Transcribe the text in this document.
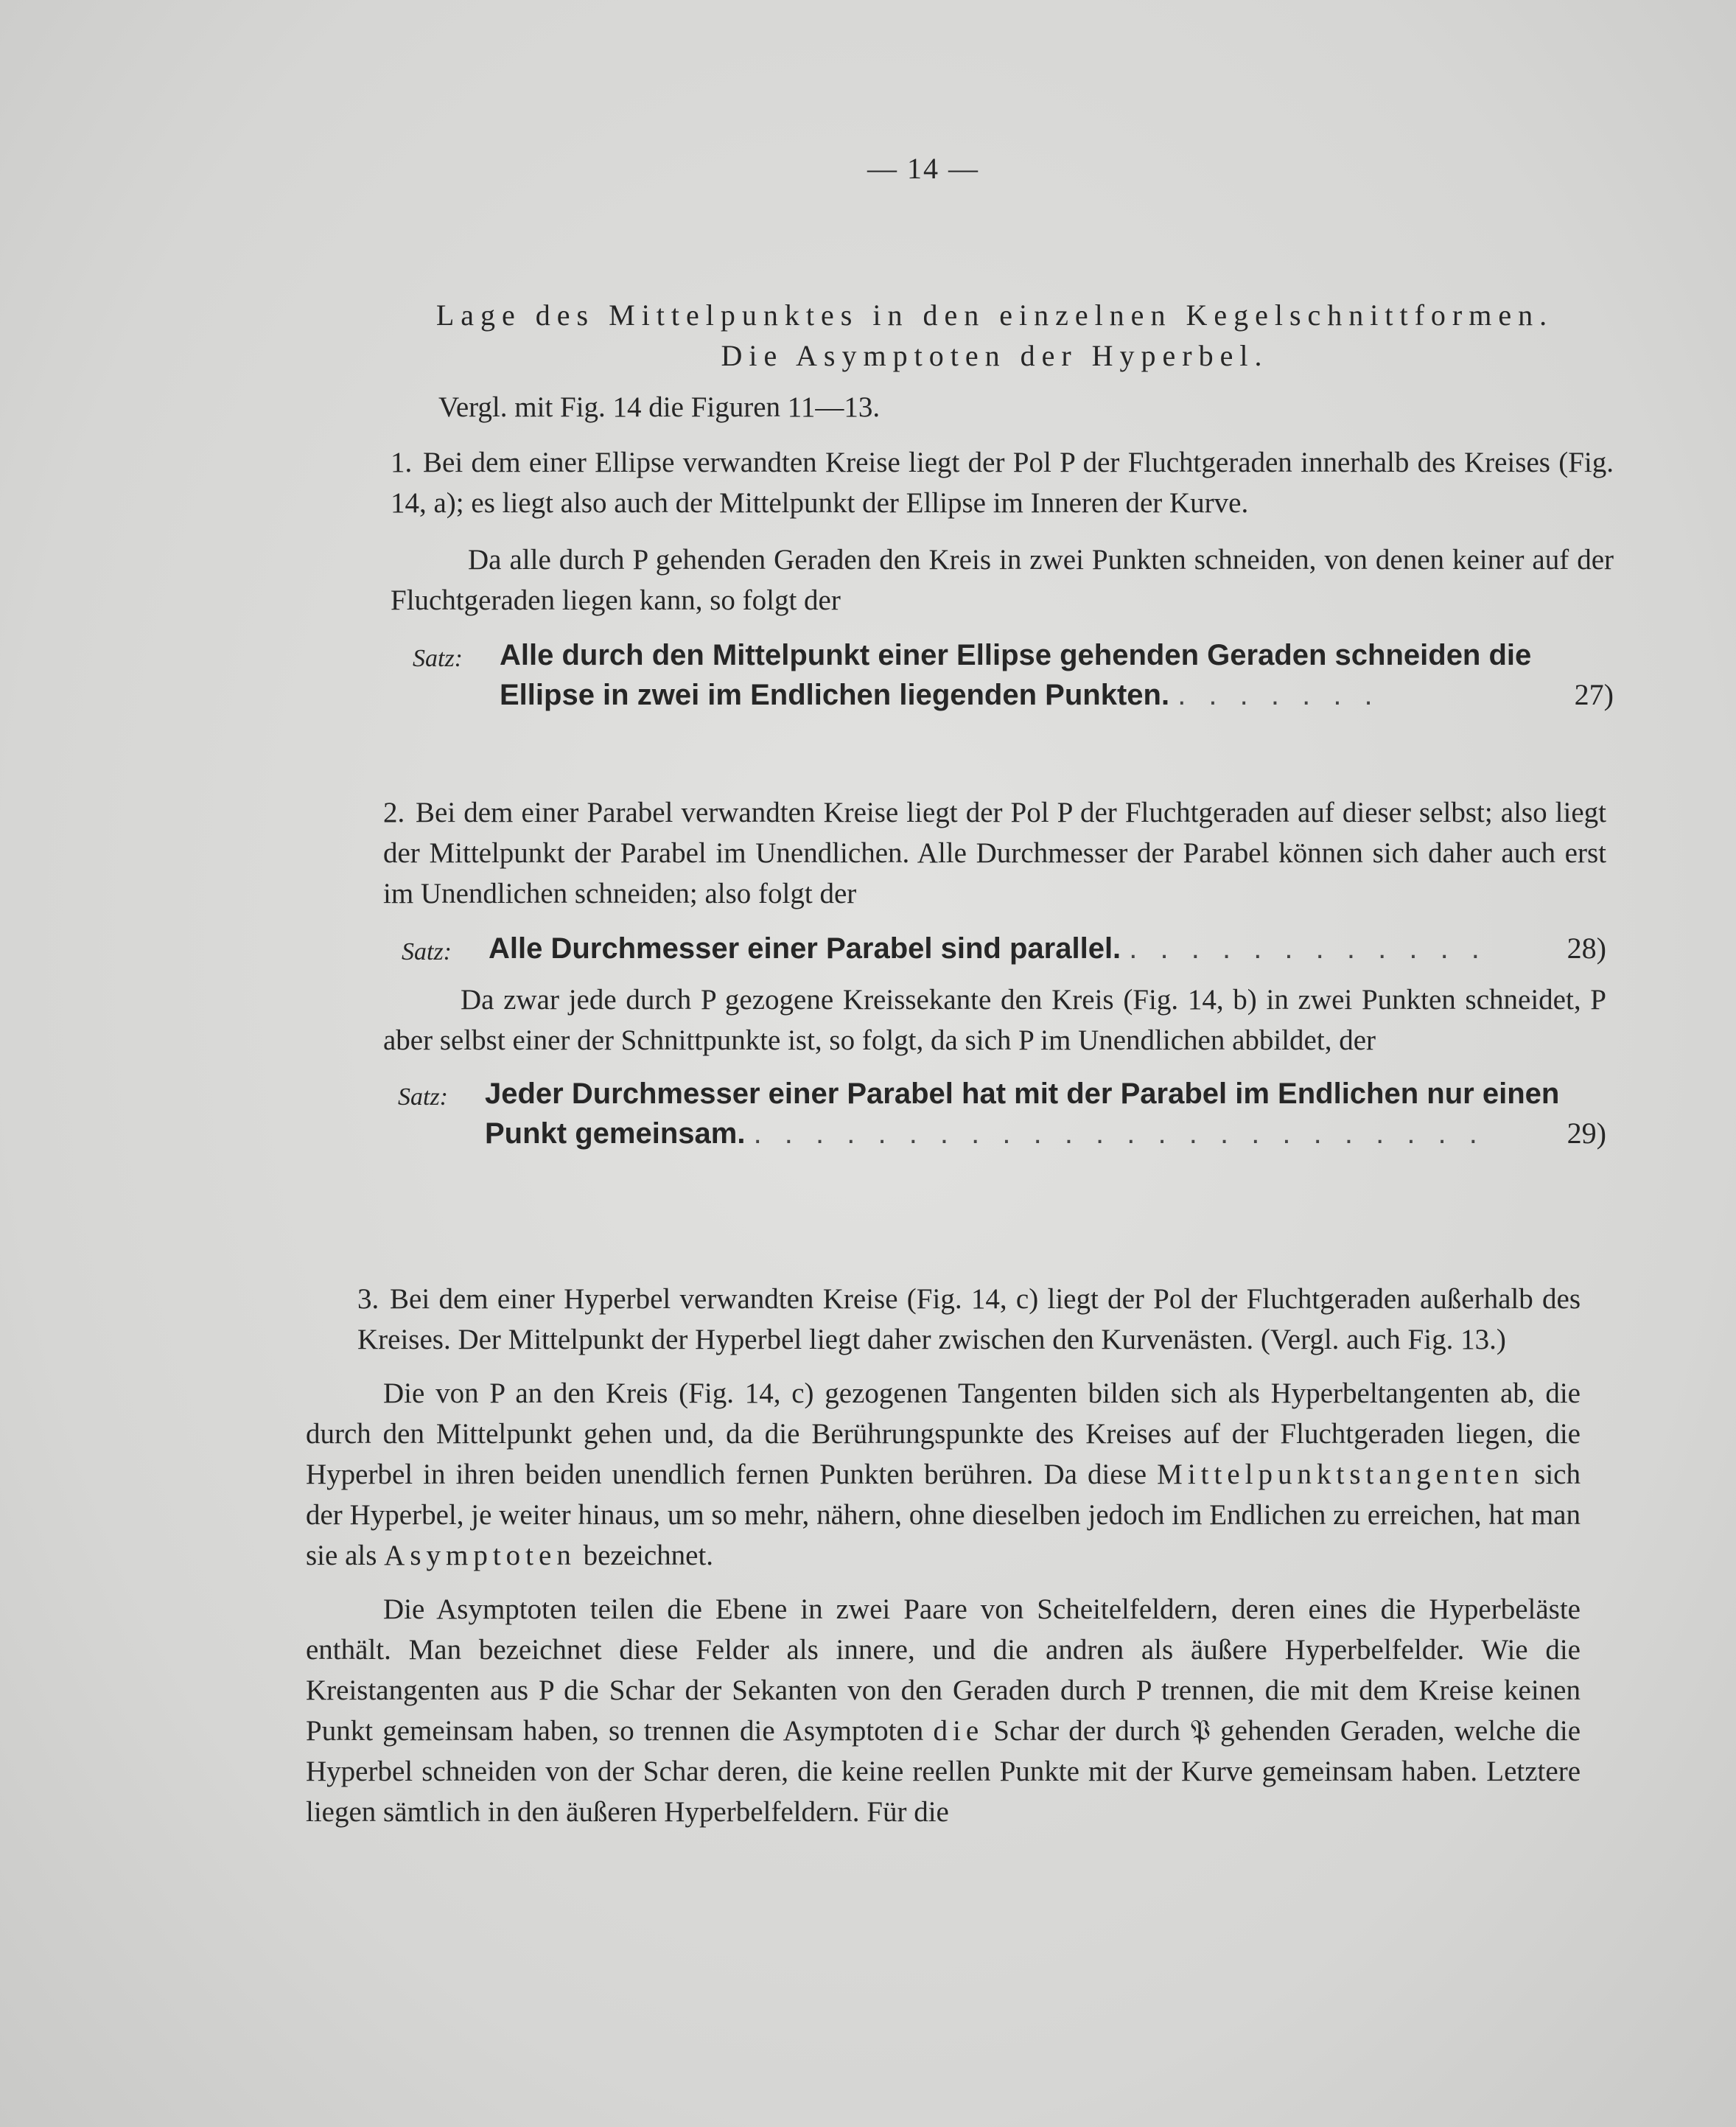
— 14 —
Lage des Mittelpunktes in den einzelnen Kegelschnittformen.
Die Asymptoten der Hyperbel.
Vergl. mit Fig. 14 die Figuren 11—13.

1. Bei dem einer Ellipse verwandten Kreise liegt der Pol P der Fluchtgeraden innerhalb des Kreises (Fig. 14, a); es liegt also auch der Mittelpunkt der Ellipse im Inneren der Kurve.

Da alle durch P gehenden Geraden den Kreis in zwei Punkten schneiden, von denen keiner auf der Fluchtgeraden liegen kann, so folgt der

Satz:	Alle durch den Mittelpunkt einer Ellipse gehenden Geraden schneiden die Ellipse in zwei im Endlichen liegenden Punkten. . . . . . . .	27)

2. Bei dem einer Parabel verwandten Kreise liegt der Pol P der Fluchtgeraden auf dieser selbst; also liegt der Mittelpunkt der Parabel im Unendlichen. Alle Durchmesser der Parabel können sich daher auch erst im Unendlichen schneiden; also folgt der

Satz:	Alle Durchmesser einer Parabel sind parallel. . . . . . . . . . . . .	28)

Da zwar jede durch P gezogene Kreissekante den Kreis (Fig. 14, b) in zwei Punkten schneidet, P aber selbst einer der Schnittpunkte ist, so folgt, da sich P im Unendlichen abbildet, der

Satz:	Jeder Durchmesser einer Parabel hat mit der Parabel im Endlichen nur einen Punkt gemeinsam. . . . . . . . . . . . . . . . . . . . . . . . .	29)

3. Bei dem einer Hyperbel verwandten Kreise (Fig. 14, c) liegt der Pol der Fluchtgeraden außerhalb des Kreises. Der Mittelpunkt der Hyperbel liegt daher zwischen den Kurvenästen. (Vergl. auch Fig. 13.)

Die von P an den Kreis (Fig. 14, c) gezogenen Tangenten bilden sich als Hyperbeltangenten ab, die durch den Mittelpunkt gehen und, da die Berührungspunkte des Kreises auf der Fluchtgeraden liegen, die Hyperbel in ihren beiden unendlich fernen Punkten berühren. Da diese Mittelpunktstangenten sich der Hyperbel, je weiter hinaus, um so mehr, nähern, ohne dieselben jedoch im Endlichen zu erreichen, hat man sie als Asymptoten bezeichnet.

Die Asymptoten teilen die Ebene in zwei Paare von Scheitelfeldern, deren eines die Hyperbeläste enthält. Man bezeichnet diese Felder als innere, und die andren als äußere Hyperbelfelder. Wie die Kreistangenten aus P die Schar der Sekanten von den Geraden durch P trennen, die mit dem Kreise keinen Punkt gemeinsam haben, so trennen die Asymptoten die Schar der durch 𝔓 gehenden Geraden, welche die Hyperbel schneiden von der Schar deren, die keine reellen Punkte mit der Kurve gemeinsam haben. Letztere liegen sämtlich in den äußeren Hyperbelfeldern. Für die
